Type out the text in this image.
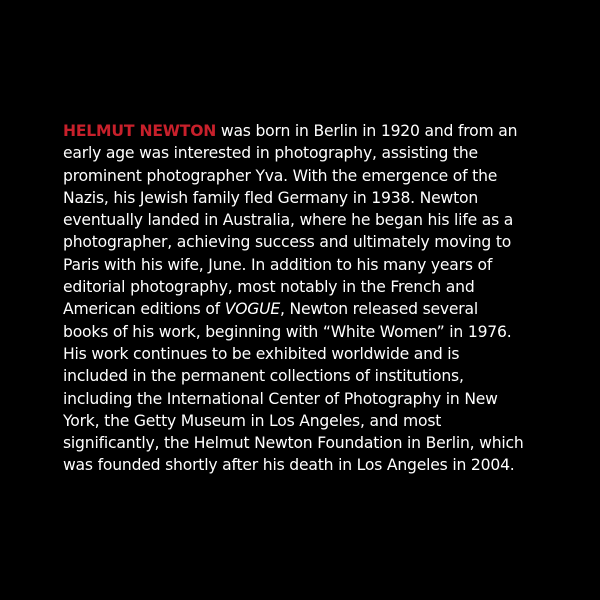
HELMUT NEWTON was born in Berlin in 1920 and from an
early age was interested in photography, assisting the
prominent photographer Yva. With the emergence of the
Nazis, his Jewish family fled Germany in 1938. Newton
eventually landed in Australia, where he began his life as a
photographer, achieving success and ultimately moving to
Paris with his wife, June. In addition to his many years of
editorial photography, most notably in the French and
American editions of VOGUE, Newton released several
books of his work, beginning with “White Women” in 1976.
His work continues to be exhibited worldwide and is
included in the permanent collections of institutions,
including the International Center of Photography in New
York, the Getty Museum in Los Angeles, and most
significantly, the Helmut Newton Foundation in Berlin, which
was founded shortly after his death in Los Angeles in 2004.
